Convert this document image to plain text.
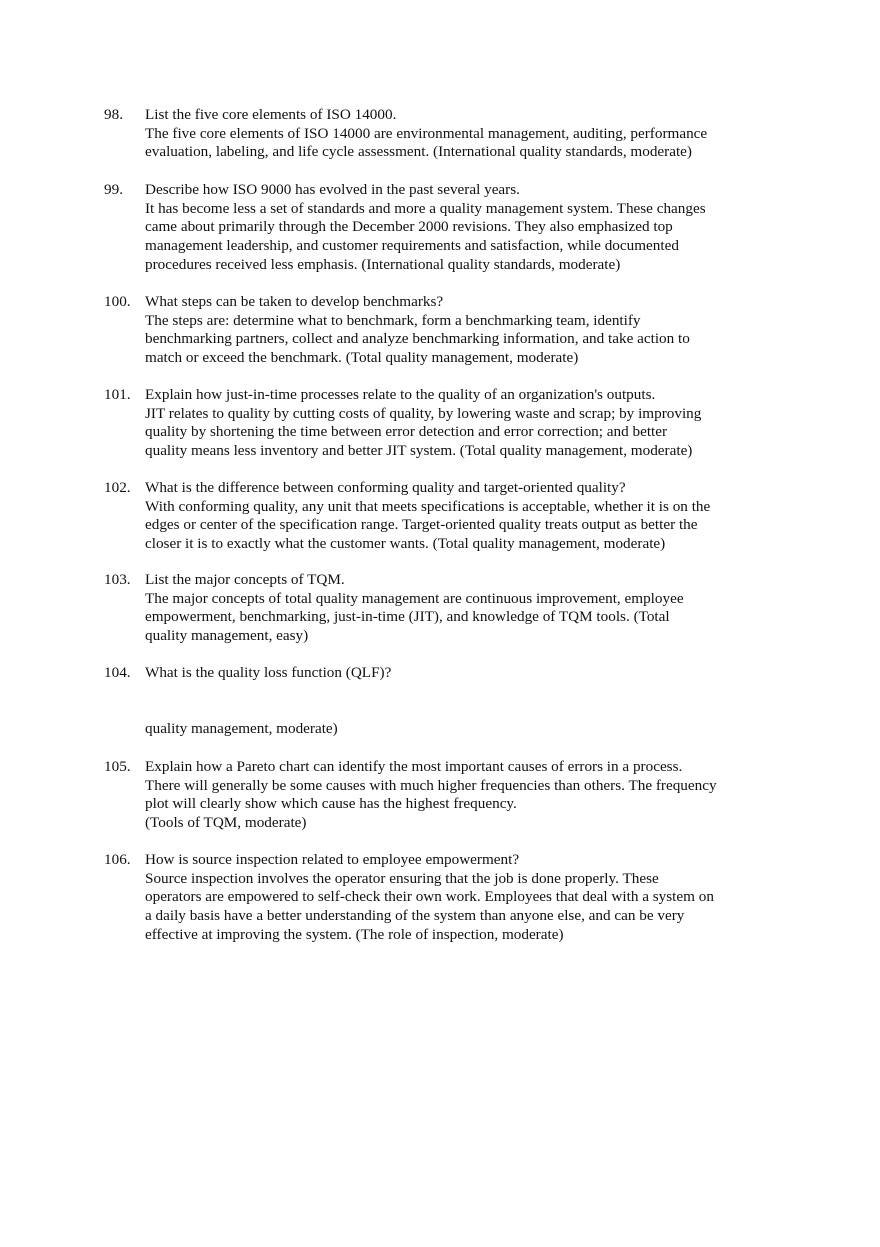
98. List the five core elements of ISO 14000.
The five core elements of ISO 14000 are environmental management, auditing, performance
evaluation, labeling, and life cycle assessment. (International quality standards, moderate)
99. Describe how ISO 9000 has evolved in the past several years.
It has become less a set of standards and more a quality management system. These changes
came about primarily through the December 2000 revisions. They also emphasized top
management leadership, and customer requirements and satisfaction, while documented
procedures received less emphasis. (International quality standards, moderate)
100. What steps can be taken to develop benchmarks?
The steps are: determine what to benchmark, form a benchmarking team, identify
benchmarking partners, collect and analyze benchmarking information, and take action to
match or exceed the benchmark. (Total quality management, moderate)
101. Explain how just-in-time processes relate to the quality of an organization's outputs.
JIT relates to quality by cutting costs of quality, by lowering waste and scrap; by improving
quality by shortening the time between error detection and error correction; and better
quality means less inventory and better JIT system. (Total quality management, moderate)
102. What is the difference between conforming quality and target-oriented quality?
With conforming quality, any unit that meets specifications is acceptable, whether it is on the
edges or center of the specification range. Target-oriented quality treats output as better the
closer it is to exactly what the customer wants. (Total quality management, moderate)
103. List the major concepts of TQM.
The major concepts of total quality management are continuous improvement, employee
empowerment, benchmarking, just-in-time (JIT), and knowledge of TQM tools. (Total
quality management, easy)
104. What is the quality loss function (QLF)?
quality management, moderate)
105. Explain how a Pareto chart can identify the most important causes of errors in a process.
There will generally be some causes with much higher frequencies than others. The frequency
plot will clearly show which cause has the highest frequency.
(Tools of TQM, moderate)
106. How is source inspection related to employee empowerment?
Source inspection involves the operator ensuring that the job is done properly. These
operators are empowered to self-check their own work. Employees that deal with a system on
a daily basis have a better understanding of the system than anyone else, and can be very
effective at improving the system. (The role of inspection, moderate)
